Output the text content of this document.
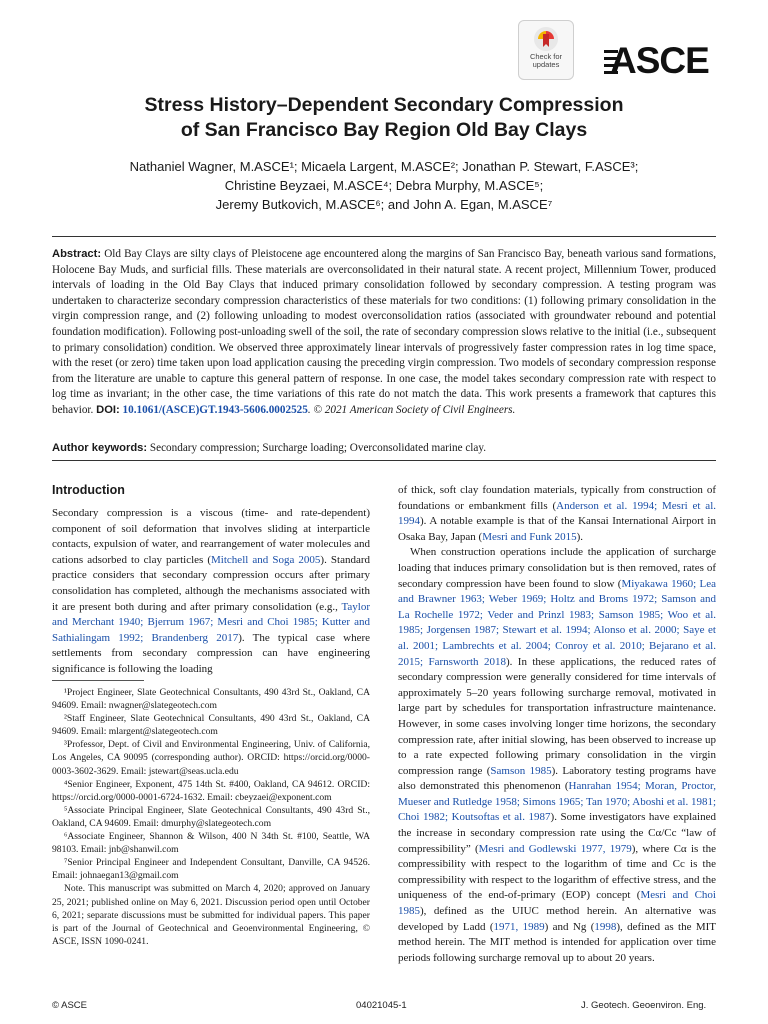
Check for
updates	ASCE
Stress History–Dependent Secondary Compression
of San Francisco Bay Region Old Bay Clays
Nathaniel Wagner, M.ASCE¹; Micaela Largent, M.ASCE²; Jonathan P. Stewart, F.ASCE³;
Christine Beyzaei, M.ASCE⁴; Debra Murphy, M.ASCE⁵;
Jeremy Butkovich, M.ASCE⁶; and John A. Egan, M.ASCE⁷
Abstract: Old Bay Clays are silty clays of Pleistocene age encountered along the margins of San Francisco Bay, beneath various sand formations, Holocene Bay Muds, and surficial fills. These materials are overconsolidated in their natural state. A recent project, Millennium Tower, produced intervals of loading in the Old Bay Clays that induced primary consolidation followed by secondary compression. A testing program was undertaken to characterize secondary compression characteristics of these materials for two conditions: (1) following primary consolidation in the virgin compression range, and (2) following unloading to modest overconsolidation ratios (associated with groundwater rebound and potential foundation modification). Following post-unloading swell of the soil, the rate of secondary compression slows relative to the initial (i.e., subsequent to primary consolidation) condition. We observed three approximately linear intervals of progressively faster compression rates in log time space, with the reset (or zero) time taken upon load application causing the preceding virgin compression. Two models of secondary compression response from the literature are unable to capture this general pattern of response. In one case, the model takes secondary compression rate with respect to log time as invariant; in the other case, the time variations of this rate do not match the data. This work presents a framework that captures this behavior. DOI: 10.1061/(ASCE)GT.1943-5606.0002525. © 2021 American Society of Civil Engineers.
Author keywords: Secondary compression; Surcharge loading; Overconsolidated marine clay.
Introduction

Secondary compression is a viscous (time- and rate-dependent) component of soil deformation that involves sliding at interparticle contacts, expulsion of water, and rearrangement of water molecules and cations adsorbed to clay particles (Mitchell and Soga 2005). Standard practice considers that secondary compression occurs after primary consolidation has completed, although the mechanisms associated with it are present both during and after primary consolidation (e.g., Taylor and Merchant 1940; Bjerrum 1967; Mesri and Choi 1985; Kutter and Sathialingam 1992; Brandenberg 2017). The typical case where settlements from secondary compression can have engineering significance is following the loading

¹Project Engineer, Slate Geotechnical Consultants, 490 43rd St., Oakland, CA 94609. Email: nwagner@slategeotech.com

²Staff Engineer, Slate Geotechnical Consultants, 490 43rd St., Oakland, CA 94609. Email: mlargent@slategeotech.com

³Professor, Dept. of Civil and Environmental Engineering, Univ. of California, Los Angeles, CA 90095 (corresponding author). ORCID: https://orcid.org/0000-0003-3602-3629. Email: jstewart@seas.ucla.edu

⁴Senior Engineer, Exponent, 475 14th St. #400, Oakland, CA 94612. ORCID: https://orcid.org/0000-0001-6724-1632. Email: cbeyzaei@exponent.com

⁵Associate Principal Engineer, Slate Geotechnical Consultants, 490 43rd St., Oakland, CA 94609. Email: dmurphy@slategeotech.com

⁶Associate Engineer, Shannon & Wilson, 400 N 34th St. #100, Seattle, WA 98103. Email: jnb@shanwil.com

⁷Senior Principal Engineer and Independent Consultant, Danville, CA 94526. Email: johnaegan13@gmail.com

Note. This manuscript was submitted on March 4, 2020; approved on January 25, 2021; published online on May 6, 2021. Discussion period open until October 6, 2021; separate discussions must be submitted for individual papers. This paper is part of the Journal of Geotechnical and Geoenvironmental Engineering, © ASCE, ISSN 1090-0241.

of thick, soft clay foundation materials, typically from construction of foundations or embankment fills (Anderson et al. 1994; Mesri et al. 1994). A notable example is that of the Kansai International Airport in Osaka Bay, Japan (Mesri and Funk 2015).

When construction operations include the application of surcharge loading that induces primary consolidation but is then removed, rates of secondary compression have been found to slow (Miyakawa 1960; Lea and Brawner 1963; Weber 1969; Holtz and Broms 1972; Samson and La Rochelle 1972; Veder and Prinzl 1983; Samson 1985; Woo et al. 1985; Jorgensen 1987; Stewart et al. 1994; Alonso et al. 2000; Saye et al. 2001; Lambrechts et al. 2004; Conroy et al. 2010; Bejarano et al. 2015; Farnsworth 2018). In these applications, the reduced rates of secondary compression were generally considered for time intervals of approximately 5–20 years following surcharge removal, motivated in large part by schedules for transportation infrastructure maintenance. However, in some cases involving longer time horizons, the secondary compression rate, after initial slowing, has been observed to increase up to a rate expected following primary consolidation in the virgin compression range (Samson 1985). Laboratory testing programs have also demonstrated this phenomenon (Hanrahan 1954; Moran, Proctor, Mueser and Rutledge 1958; Simons 1965; Tan 1970; Aboshi et al. 1981; Choi 1982; Koutsoftas et al. 1987). Some investigators have explained the increase in secondary compression rate using the Cα/Cc “law of compressibility” (Mesri and Godlewski 1977, 1979), where Cα is the compressibility with respect to the logarithm of time and Cc is the compressibility with respect to the logarithm of effective stress, and the uniqueness of the end-of-primary (EOP) concept (Mesri and Choi 1985), defined as the UIUC method herein. An alternative was developed by Ladd (1971, 1989) and Ng (1998), defined as the MIT method herein. The MIT method is intended for application over time periods following surcharge removal up to about 20 years.

© ASCE	04021045-1	J. Geotech. Geoenviron. Eng.
